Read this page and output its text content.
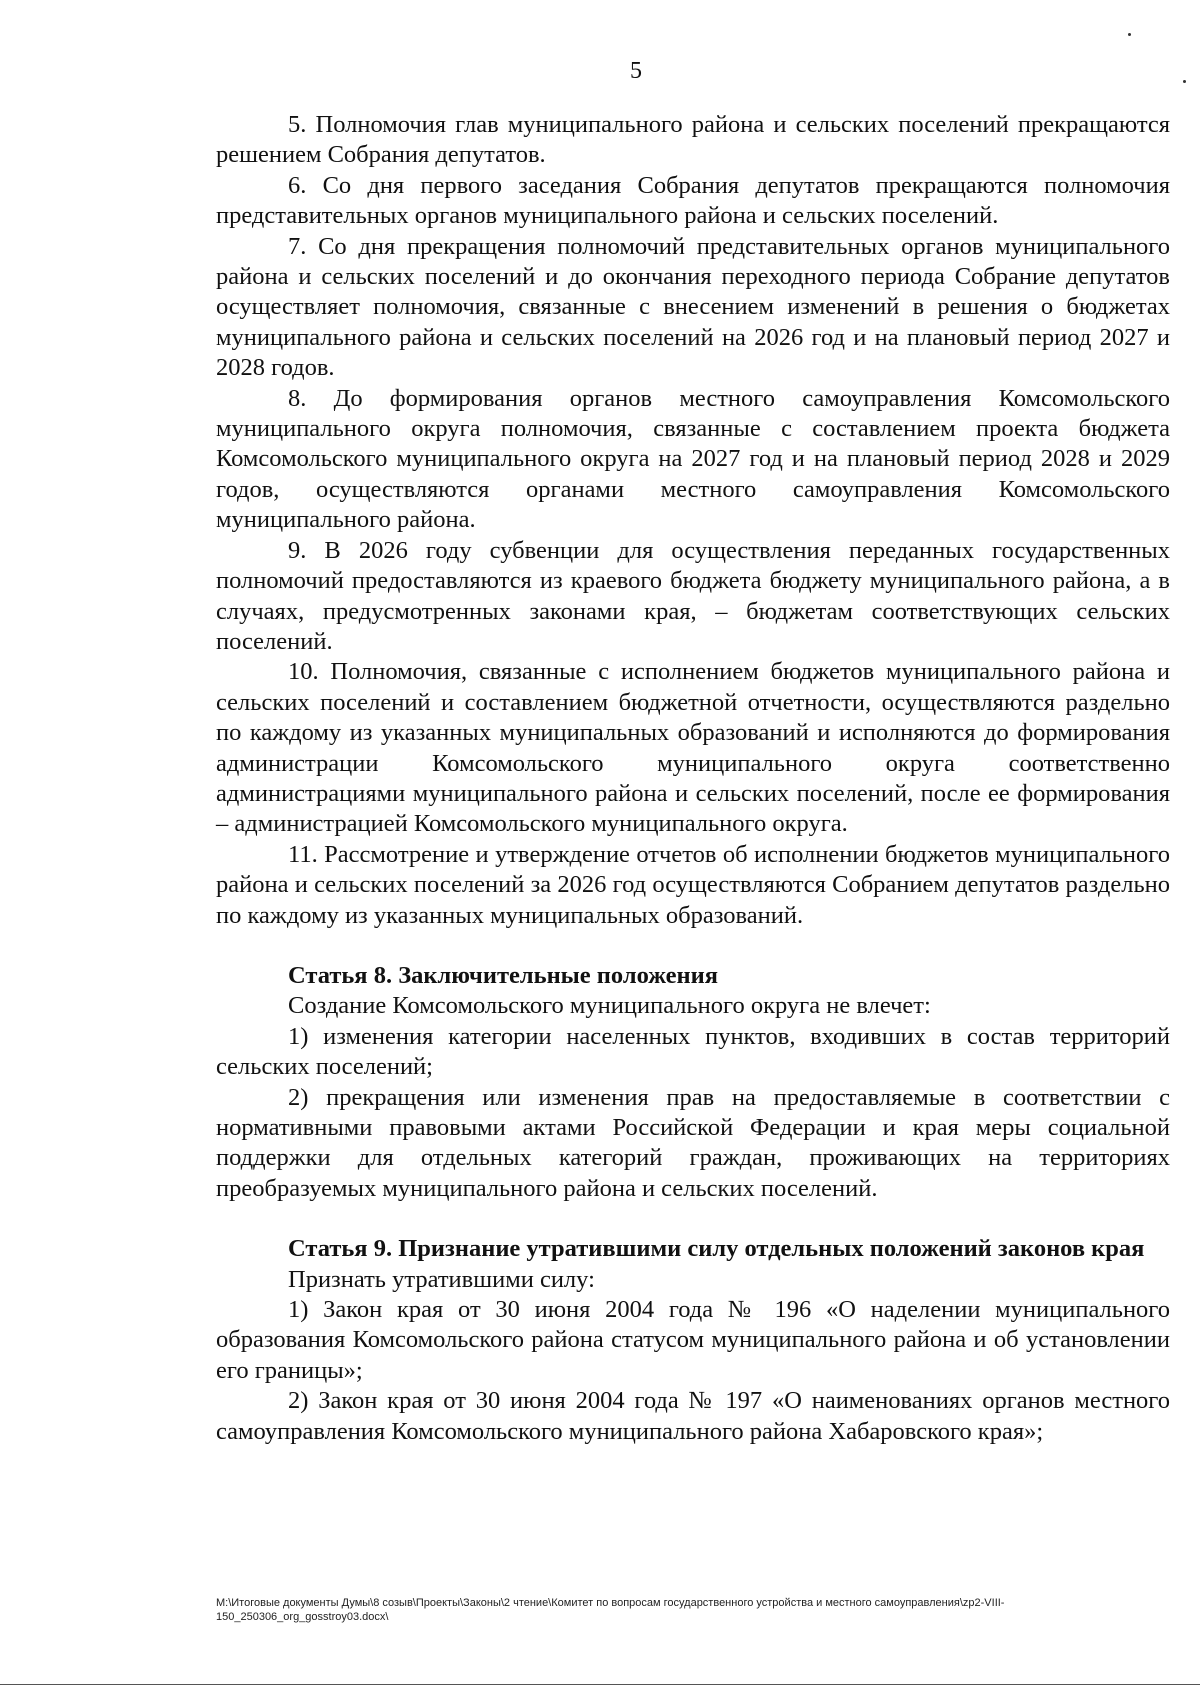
5

5. Полномочия глав муниципального района и сельских поселений прекращаются решением Собрания депутатов.

6. Со дня первого заседания Собрания депутатов прекращаются полномочия представительных органов муниципального района и сельских поселений.

7. Со дня прекращения полномочий представительных органов муниципального района и сельских поселений и до окончания переходного периода Собрание депутатов осуществляет полномочия, связанные с внесением изменений в решения о бюджетах муниципального района и сельских поселений на 2026 год и на плановый период 2027 и 2028 годов.

8. До формирования органов местного самоуправления Комсомольского муниципального округа полномочия, связанные с составлением проекта бюджета Комсомольского муниципального округа на 2027 год и на плановый период 2028 и 2029 годов, осуществляются органами местного самоуправления Комсомольского муниципального района.

9. В 2026 году субвенции для осуществления переданных государственных полномочий предоставляются из краевого бюджета бюджету муниципального района, а в случаях, предусмотренных законами края, – бюджетам соответствующих сельских поселений.

10. Полномочия, связанные с исполнением бюджетов муниципального района и сельских поселений и составлением бюджетной отчетности, осуществляются раздельно по каждому из указанных муниципальных образований и исполняются до формирования администрации Комсомольского муниципального округа соответственно администрациями муниципального района и сельских поселений, после ее формирования – администрацией Комсомольского муниципального округа.

11. Рассмотрение и утверждение отчетов об исполнении бюджетов муниципального района и сельских поселений за 2026 год осуществляются Собранием депутатов раздельно по каждому из указанных муниципальных образований.

Статья 8. Заключительные положения

Создание Комсомольского муниципального округа не влечет:

1) изменения категории населенных пунктов, входивших в состав территорий сельских поселений;

2) прекращения или изменения прав на предоставляемые в соответствии с нормативными правовыми актами Российской Федерации и края меры социальной поддержки для отдельных категорий граждан, проживающих на территориях преобразуемых муниципального района и сельских поселений.

Статья 9. Признание утратившими силу отдельных положений законов края

Признать утратившими силу:

1) Закон края от 30 июня 2004 года № 196 «О наделении муниципального образования Комсомольского района статусом муниципального района и об установлении его границы»;

2) Закон края от 30 июня 2004 года № 197 «О наименованиях органов местного самоуправления Комсомольского муниципального района Хабаровского края»;

M:\Итоговые документы Думы\8 созыв\Проекты\Законы\2 чтение\Комитет по вопросам государственного устройства и местного самоуправления\zp2-VIII-150_250306_org_gosstroy03.docx\
